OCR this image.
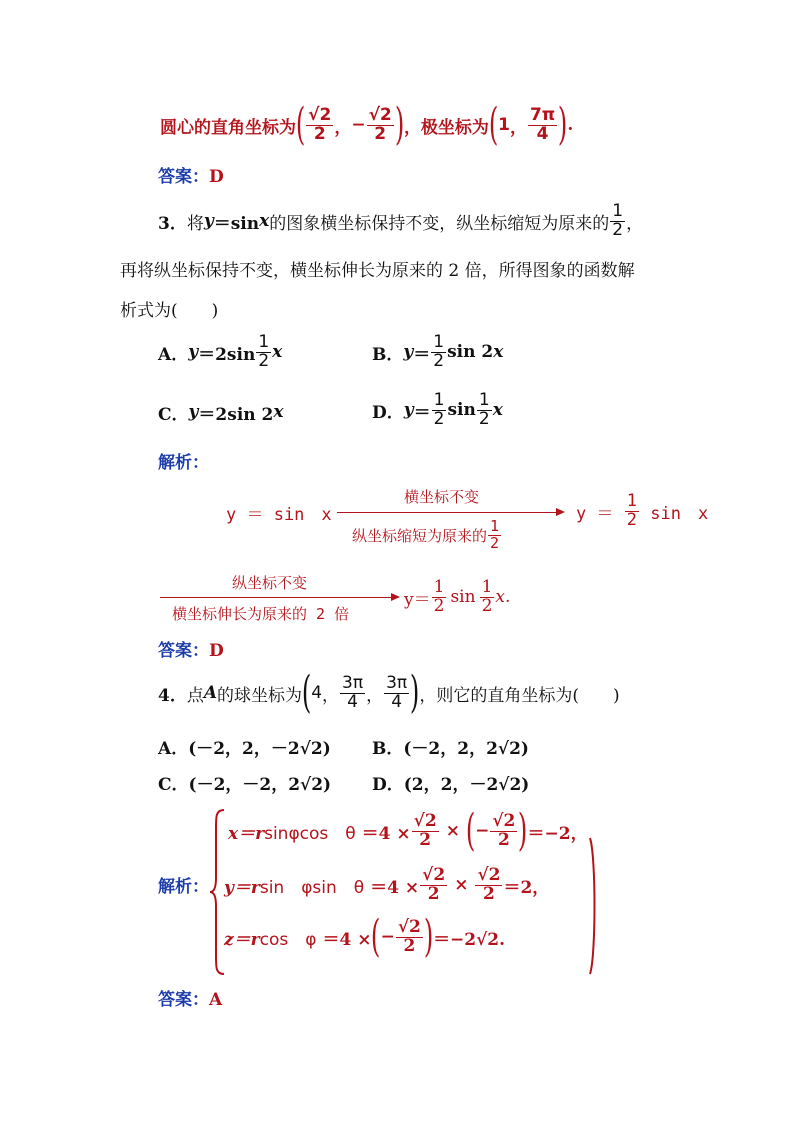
圆心的直角坐标为 ( $\frac{√2}{2}$ ， − $\frac{√2}{2}$ ) ，极坐标为 ( 1 ， $\frac{7\pi}{4}$ ) .
答案：D
3． 将 y ＝sin x 的图象横坐标保持不变，纵坐标缩短为原来的 $\frac{1}{2}$ ，
再将纵坐标保持不变，横坐标伸长为原来的 2 倍，所得图象的函数解
析式为(　　)
A． $y =2\sin \frac{1}{2}$ x	B． $y = \frac{1}{2}$ sin 2 x
C． y ＝2sin 2 x	D． $y = \frac{1}{2}$ $\sin \frac{1}{2}$ x
解析：
y ＝ sin　x
横坐标不变
纵坐标缩短为原来的 $\frac{1}{2}$
y ＝
$\frac{1}{2}$
sin　x
纵坐标不变
横坐标伸长为原来的 2 倍
$y= \frac{1}{2}$ $\sin \frac{1}{2} x$.
答案：D
4． 点 A 的球坐标为 ( 4 ， $\frac{3\pi}{4}$ ， $\frac{3\pi}{4}$ ) ，则它的直角坐标为(　　)
A．(－2，2，－2√2) B．(－2，2，2√2)
C．(－2，－2，2√2) D．(2，2，－2√2)
解析：
x＝r sinφcos　$\theta =4 \times \frac{√2}{2}$ × ( − $\frac{√2}{2}$ ) ＝−2，
y＝r sin　φsin　$\theta =4 \times \frac{√2}{2} \times \frac{√2}{2} =2$，
z＝r cos　φ ＝4 × ( − $\frac{√2}{2}$ ) ＝−2√2.
答案：A
